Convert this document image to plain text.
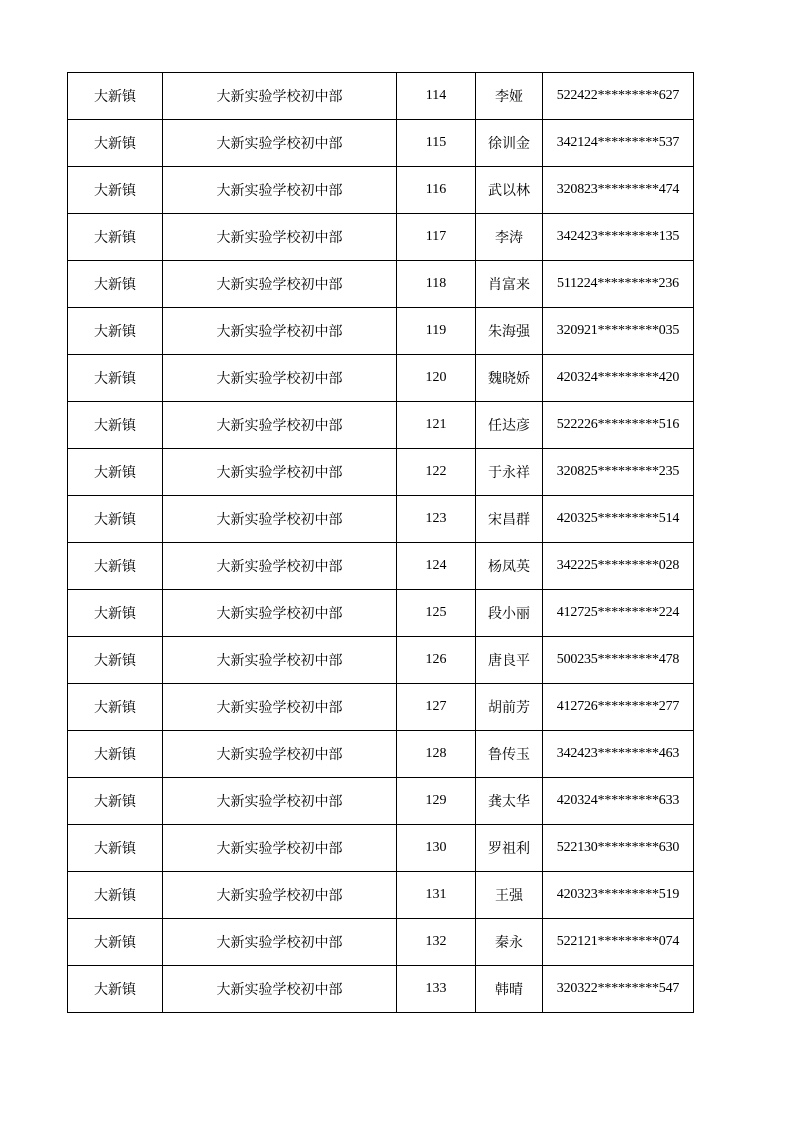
大新镇	大新实验学校初中部	114	李娅	522422*********627
大新镇	大新实验学校初中部	115	徐训金	342124*********537
大新镇	大新实验学校初中部	116	武以林	320823*********474
大新镇	大新实验学校初中部	117	李涛	342423*********135
大新镇	大新实验学校初中部	118	肖富来	511224*********236
大新镇	大新实验学校初中部	119	朱海强	320921*********035
大新镇	大新实验学校初中部	120	魏晓娇	420324*********420
大新镇	大新实验学校初中部	121	任达彦	522226*********516
大新镇	大新实验学校初中部	122	于永祥	320825*********235
大新镇	大新实验学校初中部	123	宋昌群	420325*********514
大新镇	大新实验学校初中部	124	杨凤英	342225*********028
大新镇	大新实验学校初中部	125	段小丽	412725*********224
大新镇	大新实验学校初中部	126	唐良平	500235*********478
大新镇	大新实验学校初中部	127	胡前芳	412726*********277
大新镇	大新实验学校初中部	128	鲁传玉	342423*********463
大新镇	大新实验学校初中部	129	龚太华	420324*********633
大新镇	大新实验学校初中部	130	罗祖利	522130*********630
大新镇	大新实验学校初中部	131	王强	420323*********519
大新镇	大新实验学校初中部	132	秦永	522121*********074
大新镇	大新实验学校初中部	133	韩晴	320322*********547
